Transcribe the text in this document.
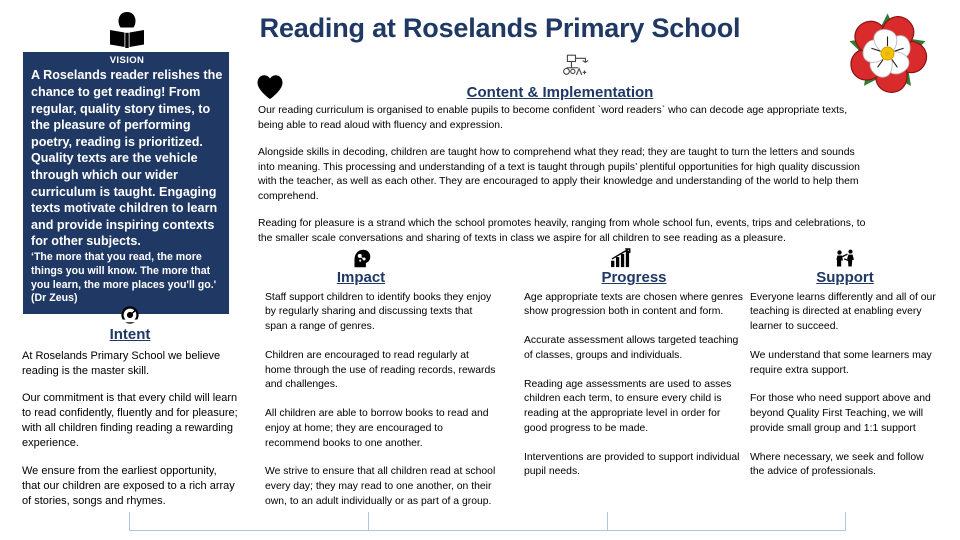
Reading at Roselands Primary School
VISION
A Roselands reader relishes the chance to get reading! From regular, quality story times, to the pleasure of performing poetry, reading is prioritized. Quality texts are the vehicle through which our wider curriculum is taught. Engaging texts motivate children to learn and provide inspiring contexts for other subjects.
‘The more that you read, the more things you will know. The more that you learn, the more places you'll go.' (Dr Zeus)
Content & Implementation

Our reading curriculum is organised to enable pupils to become confident `word readers` who can decode age appropriate texts, being able to read aloud with fluency and expression.

Alongside skills in decoding, children are taught how to comprehend what they read; they are taught to turn the letters and sounds into meaning. This processing and understanding of a text is taught through pupils’ plentiful opportunities for high quality discussion with the teacher, as well as each other. They are encouraged to apply their knowledge and understanding of the world to help them comprehend.

Reading for pleasure is a strand which the school promotes heavily, ranging from whole school fun, events, trips and celebrations, to the smaller scale conversations and sharing of texts in class we aspire for all children to see reading as a pleasure.

Intent

At Roselands Primary School we believe reading is the master skill.

Our commitment is that every child will learn to read confidently, fluently and for pleasure; with all children finding reading a rewarding experience.

We ensure from the earliest opportunity, that our children are exposed to a rich array of stories, songs and rhymes.

Impact

Staff support children to identify books they enjoy by regularly sharing and discussing texts that span a range of genres.

Children are encouraged to read regularly at home through the use of reading records, rewards and challenges.

All children are able to borrow books to read and enjoy at home; they are encouraged to recommend books to one another.

We strive to ensure that all children read at school every day; they may read to one another, on their own, to an adult individually or as part of a group.

Progress

Age appropriate texts are chosen where genres show progression both in content and form.

Accurate assessment allows targeted teaching of classes, groups and individuals.

Reading age assessments are used to asses children each term, to ensure every child is reading at the appropriate level in order for good progress to be made.

Interventions are provided to support individual pupil needs.

Support

Everyone learns differently and all of our teaching is directed at enabling every learner to succeed.

We understand that some learners may require extra support.

For those who need support above and beyond Quality First Teaching, we will provide small group and 1:1 support

Where necessary, we seek and follow the advice of professionals.
